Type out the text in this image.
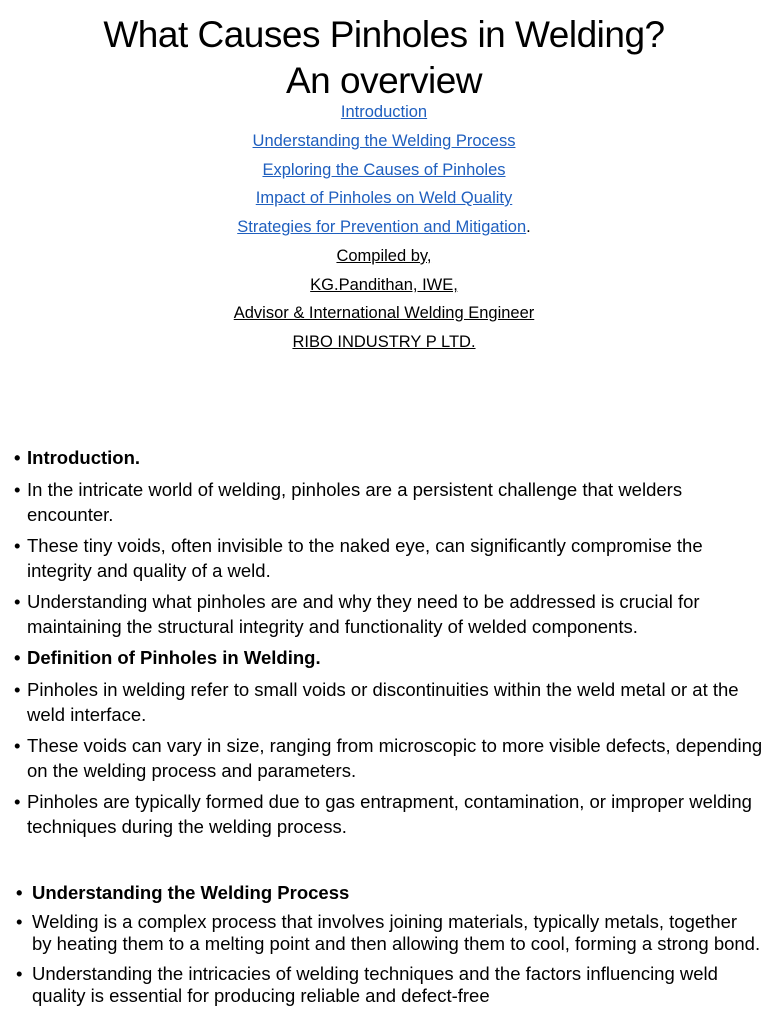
What Causes Pinholes in Welding?
An overview
Introduction
Understanding the Welding Process
Exploring the Causes of Pinholes
Impact of Pinholes on Weld Quality
Strategies for Prevention and Mitigation.
Compiled by,
KG.Pandithan, IWE,
Advisor & International Welding Engineer
RIBO INDUSTRY P LTD.
• Introduction.
• In the intricate world of welding, pinholes are a persistent challenge that welders encounter.
• These tiny voids, often invisible to the naked eye, can significantly compromise the integrity and quality of a weld.
• Understanding what pinholes are and why they need to be addressed is crucial for maintaining the structural integrity and functionality of welded components.
• Definition of Pinholes in Welding.
• Pinholes in welding refer to small voids or discontinuities within the weld metal or at the weld interface.
• These voids can vary in size, ranging from microscopic to more visible defects, depending on the welding process and parameters.
• Pinholes are typically formed due to gas entrapment, contamination, or improper welding techniques during the welding process.
• Understanding the Welding Process
• Welding is a complex process that involves joining materials, typically metals, together by heating them to a melting point and then allowing them to cool, forming a strong bond.
• Understanding the intricacies of welding techniques and the factors influencing weld quality is essential for producing reliable and defect-free
